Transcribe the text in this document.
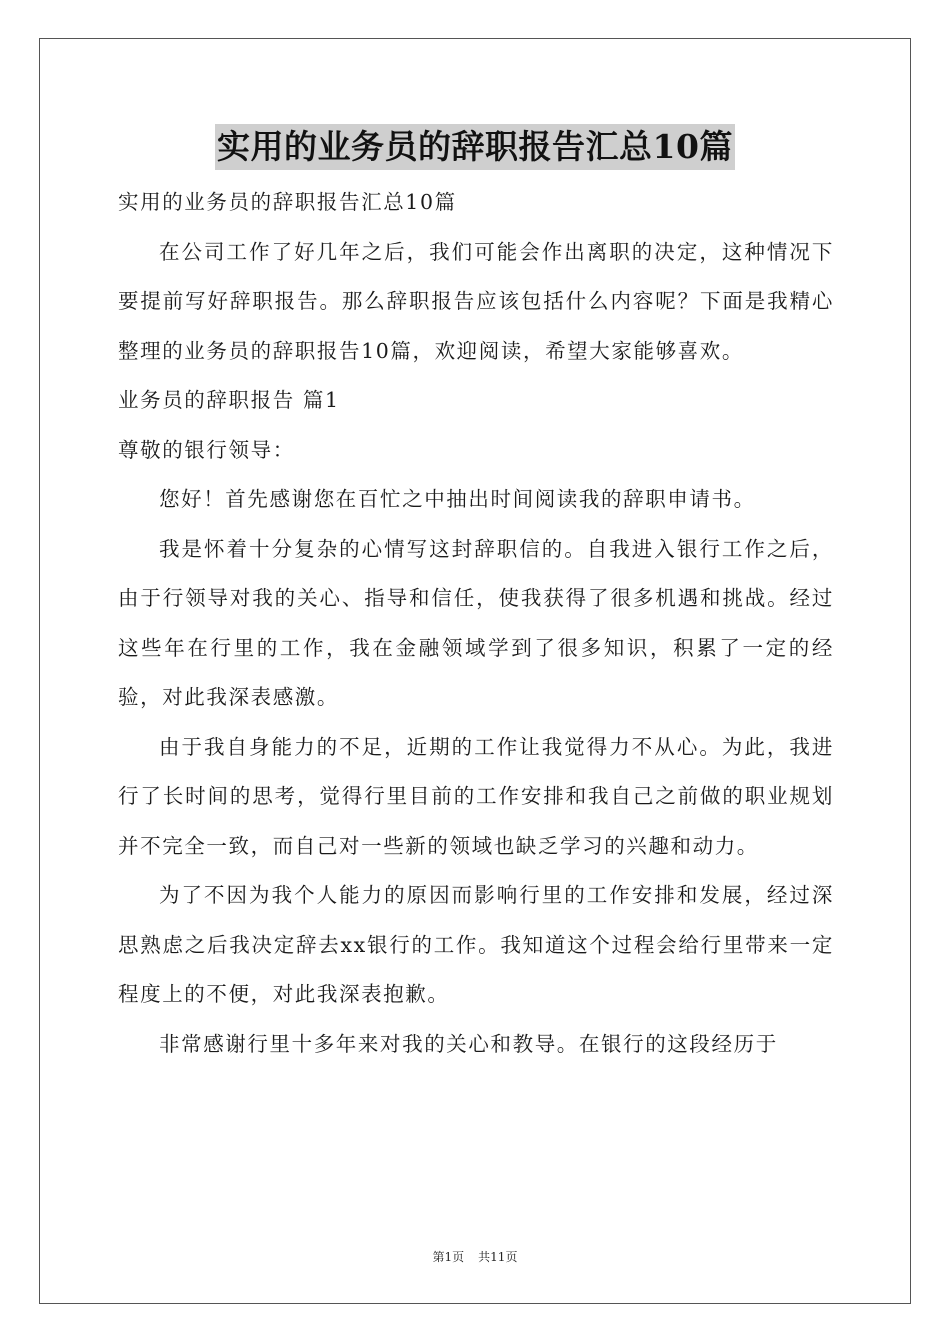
实用的业务员的辞职报告汇总10篇

实用的业务员的辞职报告汇总10篇

在公司工作了好几年之后，我们可能会作出离职的决定，这种情况下要提前写好辞职报告。那么辞职报告应该包括什么内容呢？下面是我精心整理的业务员的辞职报告10篇，欢迎阅读，希望大家能够喜欢。

业务员的辞职报告 篇1

尊敬的银行领导：

您好！首先感谢您在百忙之中抽出时间阅读我的辞职申请书。

我是怀着十分复杂的心情写这封辞职信的。自我进入银行工作之后，由于行领导对我的关心、指导和信任，使我获得了很多机遇和挑战。经过这些年在行里的工作，我在金融领域学到了很多知识，积累了一定的经验，对此我深表感激。

由于我自身能力的不足，近期的工作让我觉得力不从心。为此，我进行了长时间的思考，觉得行里目前的工作安排和我自己之前做的职业规划并不完全一致，而自己对一些新的领域也缺乏学习的兴趣和动力。

为了不因为我个人能力的原因而影响行里的工作安排和发展，经过深思熟虑之后我决定辞去xx银行的工作。我知道这个过程会给行里带来一定程度上的不便，对此我深表抱歉。

非常感谢行里十多年来对我的关心和教导。在银行的这段经历于

第1页 共11页
